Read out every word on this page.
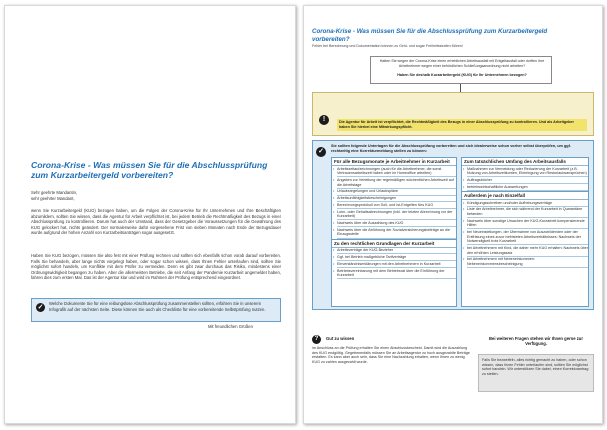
Corona-Krise - Was müssen Sie für die Abschlussprüfung zum Kurzarbeitergeld vorbereiten?

Sehr geehrte Mandantin,

sehr geehrter Mandant,

wenn Sie Kurzarbeitergeld (KUG) bezogen haben, um die Folgen der Corona-Krise für Ihr Unternehmen und Ihre Beschäftigten abzumildern, sollten Sie wissen, dass die Agentur für Arbeit verpflichtet ist, bei jedem Betrieb die Rechtmäßigkeit des Bezugs in einer Abschlussprüfung zu kontrollieren. Darum hat auch der Umstand, dass der Gesetzgeber die Voraussetzungen für die Gewährung des KUG gelockert hat, nichts geändert. Der normalerweise dafür vorgesehene Frist von sieben Monaten nach Ende der Bezugsdauer wurde aufgrund der hohen Anzahl von Kurzarbeitsanträgen sogar ausgesetzt.

Haben Sie KUG bezogen, müssen Sie also fest mit einer Prüfung rechnen und sollten sich ebenfalls schon vorab darauf vorbereiten. Falls Sie behandeln, aber lange nichts vorgelegt haben, oder sogar schon wissen, dass Ihnen Fehler unterlaufen sind, sollten Sie möglichst sofort handeln, um Konflikte mit dem Prüfer zu vermeiden. Denn es gibt zwar durchaus das Risiko, mindestens einer Ordnungswidrigkeit begangen zu haben. Aber die allermeisten Betriebe, die seit Anfang der Pandemie Kurzarbeit angemeldet haben, fahren dies zum ersten Mal. Das ist der Agentur klar und wird im Rahmen der Prüfung entsprechend eingeordnet.

✓

Welche Dokumente Sie für eine reibungslose Abschlussprüfung zusammenstellen sollten, erfahren Sie in unserem Infografik auf der nächsten Seite. Diese können Sie auch als Checkliste für eine vorbereitende Selbstprüfung nutzen.

Mit freundlichen Grüßen

Corona-Krise - Was müssen Sie für die Abschlussprüfung zum Kurzarbeitergeld vorbereiten?

Fehler bei Berechnung und Dokumentation können zu Geld- und sogar Freiheitsstrafen führen!

Hatten Sie wegen der Corona-Krise einen erheblichen Arbeitsausfall mit Entgeltausfall oder durften Ihre Arbeitnehmer wegen einer behördlichen Schließungsanordnung nicht arbeiten?

Haben Sie deshalb Kurzarbeitergeld (KUG) für Ihr Unternehmen bezogen?

!	Die Agentur für Arbeit ist verpflichtet, die Rechtmäßigkeit des Bezugs in einer Abschlussprüfung zu kontrollieren. Und als Arbeitgeber haben Sie hierbei eine Mitwirkungspflicht.

✓

Sie sollten folgende Unterlagen für die Abschlussprüfung vorbereiten und sich idealerweise schon vorher selbst überprüfen, um ggf. rechtzeitig eine Korrekturmeldung stellen zu können:

Für alle Bezugsmonate je Arbeitnehmer in Kurzarbeit
• Arbeitszeitaufzeichnungen (auch für die Arbeitnehmer, die sonst Vertrauensarbeitszeit haben oder im Homeoffice arbeiten)
• Angaben zur Verteilung der regelmäßigen wöchentlichen Arbeitszeit auf die Arbeitstage
• Urlaubsregelungen und Urlaubspläne
• Arbeitsunfähigkeitsbescheinigungen
• Berechnungsprotokoll von Soll- und Ist-Entgelten fürs KUG
• Lohn- oder Gehaltsabrechnungen (inkl. der letzten Abrechnung vor der Kurzarbeit)
• Nachweis über die Auszahlung des KUG
• Nachweis über die Abführung der Sozialversicherungsbeiträge an die Einzugsstelle
Zu den rechtlichen Grundlagen der Kurzarbeit
• Arbeitsverträge der KUG-Bezieher
• Ggf. bei Betrieb maßgebliche Tarifverträge
• Einverständniserklärungen mit den Arbeitnehmern in Kurzarbeit
• Betriebsvereinbarung mit dem Betriebsrat über die Einführung der Kurzarbeit
Zum tatsächlichen Umfang des Arbeitsausfalls
• Maßnahmen zur Vermeidung oder Reduzierung der Kurzarbeit (z.B. Nutzung von Arbeitszeitkonten, Einbringung von Resturlaubsansprüchen)
• Auftragsbücher
• betriebswirtschaftliche Auswertungen
Außerdem je nach Einzelfall
• Kündigungsschreiben und/oder Aufhebungsverträge
• Liste der Arbeitnehmer, die sich während der Kurzarbeit in Quarantäne befanden
• Nachweis über sonstige Ursachen der KUG-Kurzarbeit kompensierende Hilfen
• bei Neueinstellungen, der Übernahme von Auszubildenden oder der Entfristung eines zuvor befristeten Arbeitsverhältnisses: Nachweis der Notwendigkeit trotz Kurzarbeit
• bei Arbeitnehmern mit Kind, die daher mehr KUG erhalten: Nachweis über den erhöhten Leistungssatz
• bei Arbeitnehmern mit Nebeneinkommen: Nebeneinkommensbescheinigung
?	Gut zu wissen

im Anschluss an die Prüfung erhalten Sie einen Abschlussbescheid. Damit wird die Auszahlung des KUG endgültig. Gegebenenfalls müssen Sie an Arbeitsagentur zu hoch ausgezahlte Beträge erstatten. Es kann aber auch sein, dass Sie eine Nachzahlung erhalten, wenn Ihnen zu wenig KUG zu zahlen ausgezahlt wurde.

Bei weiteren Fragen stehen wir Ihnen gerne zur Verfügung.

Falls Sie bezweifeln, alles richtig gemacht zu haben, oder schon wissen, dass Ihnen Fehler unterlaufen sind, sollten Sie möglichst sofort handeln. Wir unterstützen Sie dabei, einen Korrekturantrag zu stellen.
